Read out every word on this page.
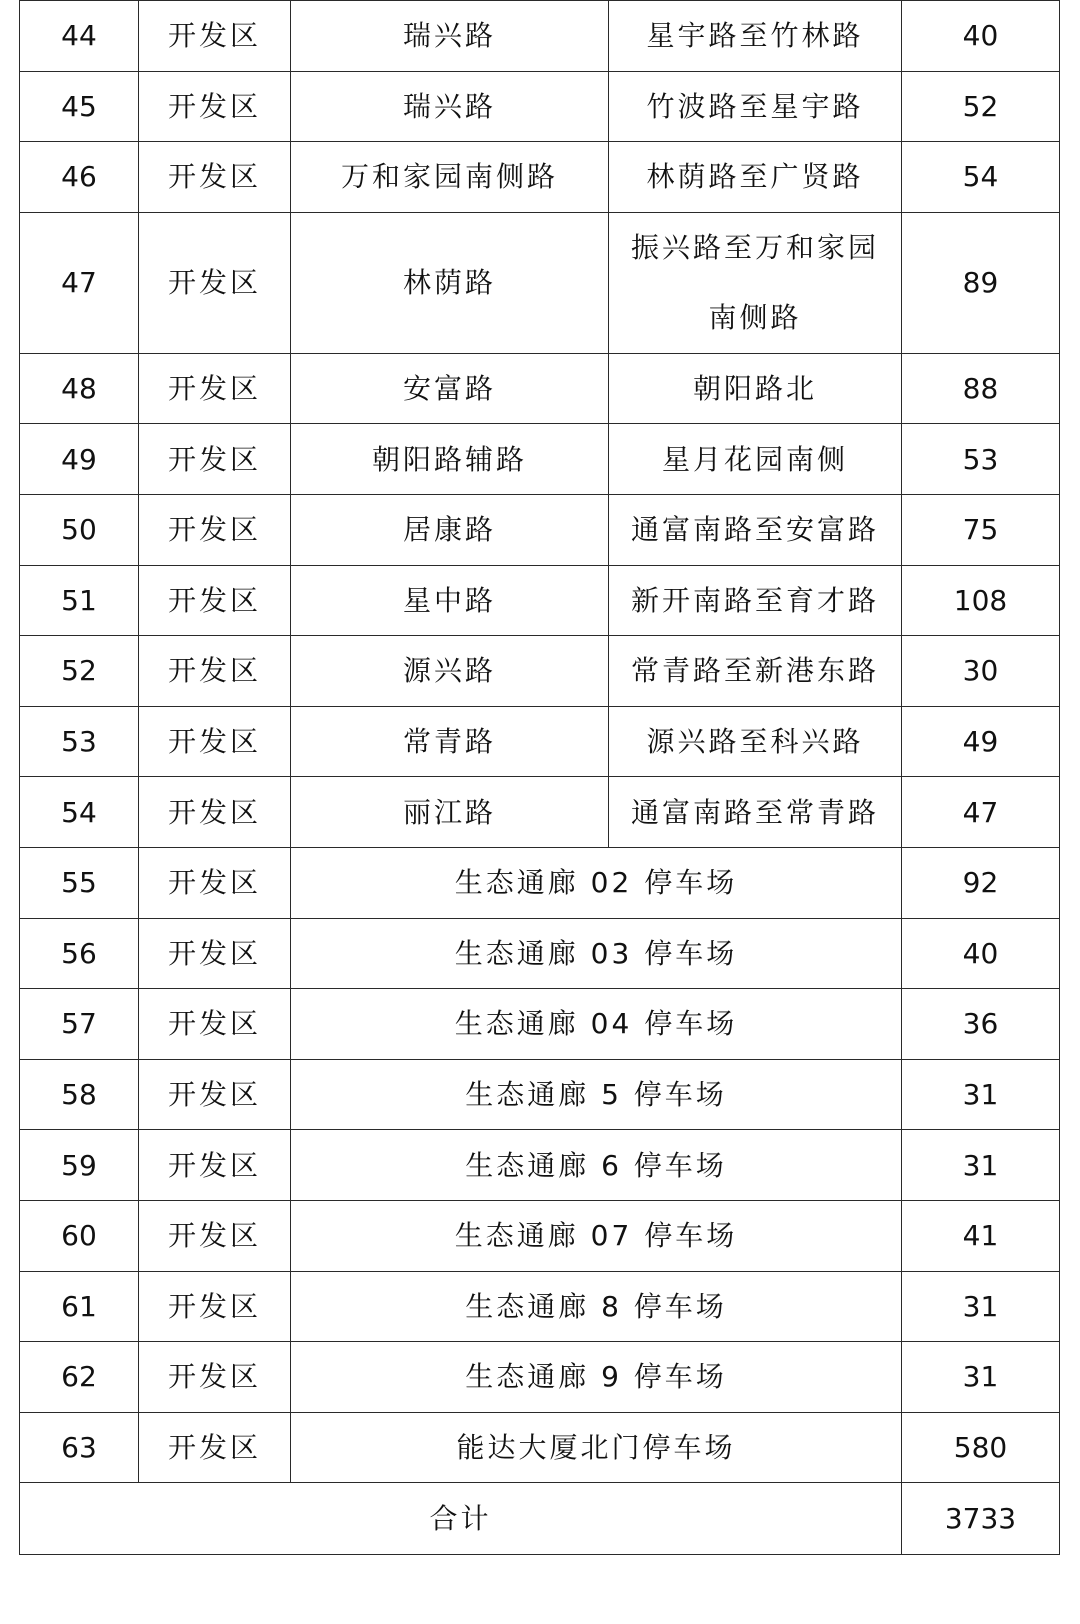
44	开发区	瑞兴路	星宇路至竹林路	40
45	开发区	瑞兴路	竹波路至星宇路	52
46	开发区	万和家园南侧路	林荫路至广贤路	54
47	开发区	林荫路	振兴路至万和家园南侧路	89
48	开发区	安富路	朝阳路北	88
49	开发区	朝阳路辅路	星月花园南侧	53
50	开发区	居康路	通富南路至安富路	75
51	开发区	星中路	新开南路至育才路	108
52	开发区	源兴路	常青路至新港东路	30
53	开发区	常青路	源兴路至科兴路	49
54	开发区	丽江路	通富南路至常青路	47
55	开发区	生态通廊 02 停车场		92
56	开发区	生态通廊 03 停车场		40
57	开发区	生态通廊 04 停车场		36
58	开发区	生态通廊 5 停车场		31
59	开发区	生态通廊 6 停车场		31
60	开发区	生态通廊 07 停车场		41
61	开发区	生态通廊 8 停车场		31
62	开发区	生态通廊 9 停车场		31
63	开发区	能达大厦北门停车场		580
合计				3733
